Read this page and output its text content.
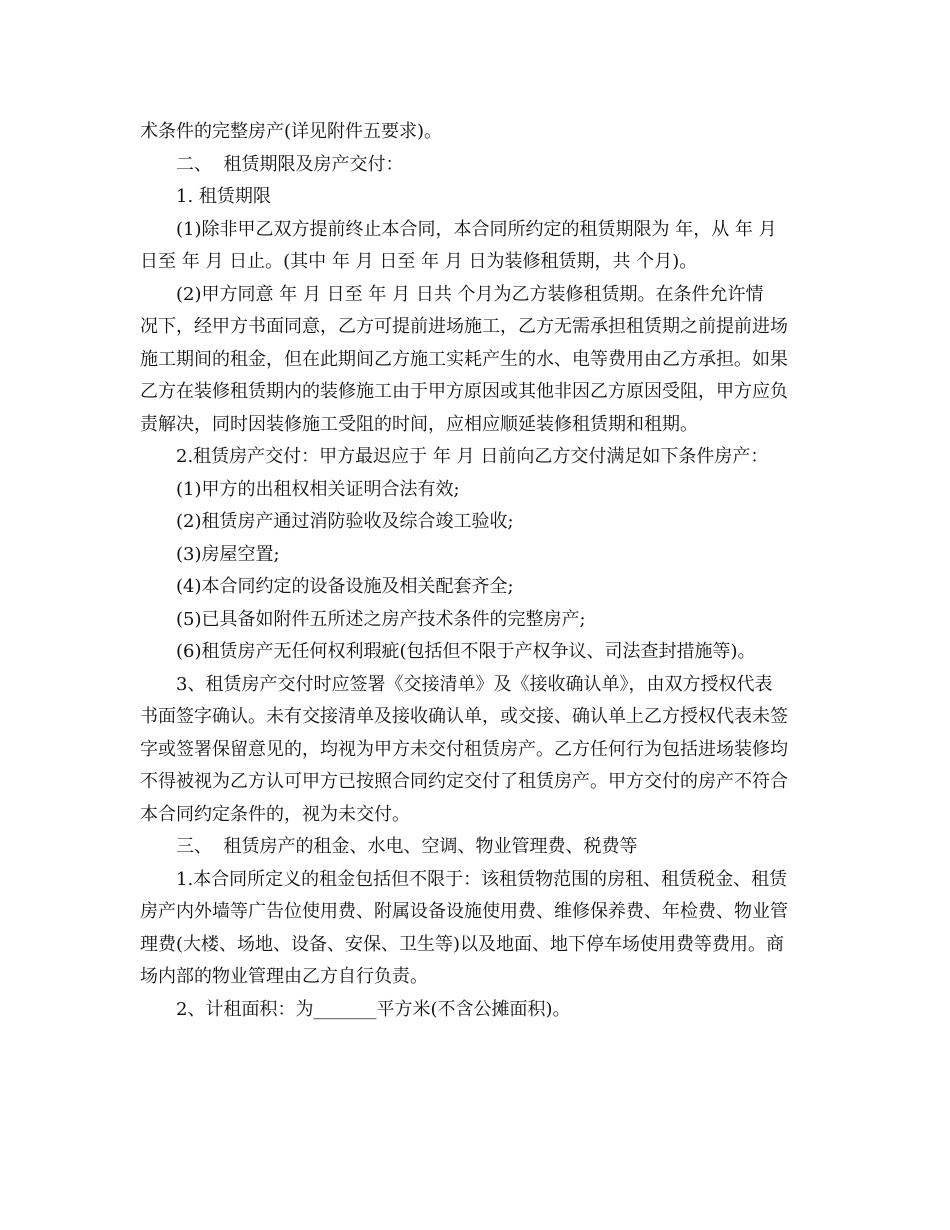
术条件的完整房产(详见附件五要求)。
二、  租赁期限及房产交付：
1. 租赁期限
(1)除非甲乙双方提前终止本合同，本合同所约定的租赁期限为 年，从 年 月
日至 年 月 日止。(其中 年 月 日至 年 月 日为装修租赁期，共 个月)。
(2)甲方同意 年 月 日至 年 月 日共 个月为乙方装修租赁期。在条件允许情
况下，经甲方书面同意，乙方可提前进场施工，乙方无需承担租赁期之前提前进场
施工期间的租金，但在此期间乙方施工实耗产生的水、电等费用由乙方承担。如果
乙方在装修租赁期内的装修施工由于甲方原因或其他非因乙方原因受阻，甲方应负
责解决，同时因装修施工受阻的时间，应相应顺延装修租赁期和租期。
2.租赁房产交付：甲方最迟应于 年 月 日前向乙方交付满足如下条件房产：
(1)甲方的出租权相关证明合法有效;
(2)租赁房产通过消防验收及综合竣工验收;
(3)房屋空置;
(4)本合同约定的设备设施及相关配套齐全;
(5)已具备如附件五所述之房产技术条件的完整房产;
(6)租赁房产无任何权利瑕疵(包括但不限于产权争议、司法查封措施等)。
3、租赁房产交付时应签署《交接清单》及《接收确认单》，由双方授权代表
书面签字确认。未有交接清单及接收确认单，或交接、确认单上乙方授权代表未签
字或签署保留意见的，均视为甲方未交付租赁房产。乙方任何行为包括进场装修均
不得被视为乙方认可甲方已按照合同约定交付了租赁房产。甲方交付的房产不符合
本合同约定条件的，视为未交付。
三、  租赁房产的租金、水电、空调、物业管理费、税费等
1.本合同所定义的租金包括但不限于：该租赁物范围的房租、租赁税金、租赁
房产内外墙等广告位使用费、附属设备设施使用费、维修保养费、年检费、物业管
理费(大楼、场地、设备、安保、卫生等)以及地面、地下停车场使用费等费用。商
场内部的物业管理由乙方自行负责。
2、计租面积：为_______平方米(不含公摊面积)。
